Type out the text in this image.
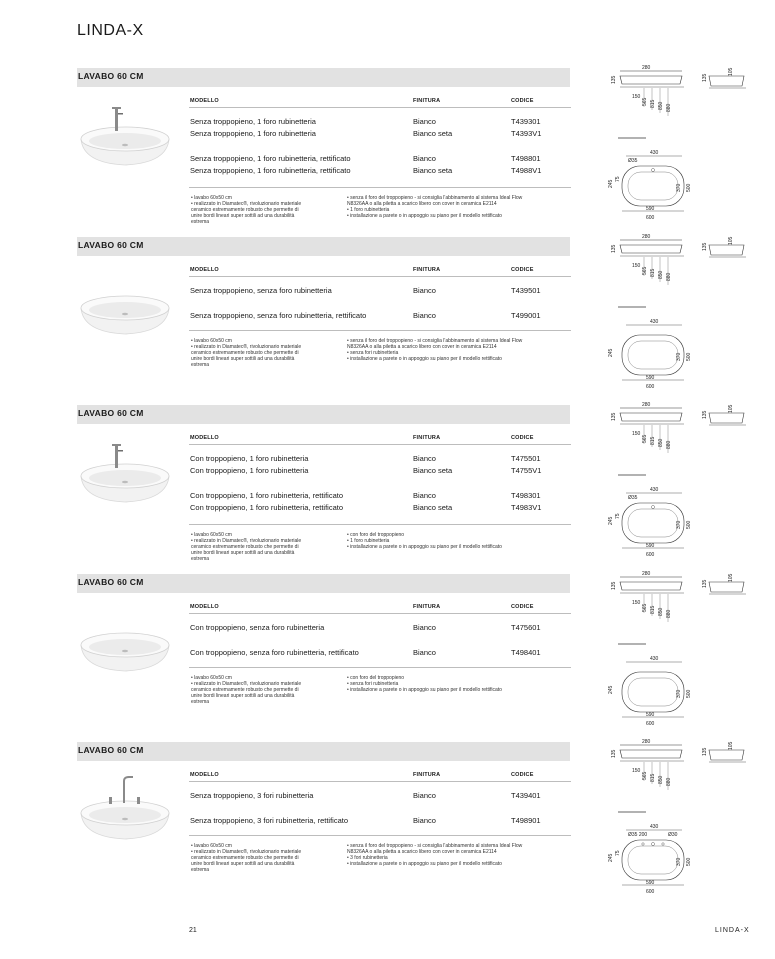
LINDA-X
LAVABO 60 CM
MODELLO	FINITURA	CODICE
Senza troppopieno, 1 foro rubinetteria	Bianco	T439301
Senza troppopieno, 1 foro rubinetteria	Bianco seta	T4393V1
Senza troppopieno, 1 foro rubinetteria, rettificato	Bianco	T498801
Senza troppopieno, 1 foro rubinetteria, rettificato	Bianco seta	T4988V1
• lavabo 60x50 cm
• realizzato in Diamatec®, rivoluzionario materiale
ceramico estremamente robusto che permette di
unire bordi lineari super sottili ad una durabilità
estrema
• senza il foro del troppopieno - si consiglia l'abbinamento al sistema Ideal Flow
N8326AA o alla piletta a scarico libero con cover in ceramica E2114
• 1 foro rubinetteria
• installazione a parete o in appoggio su piano per il modello rettificato
280
135
150
565 815 850 880
135
105
430
Ø35
245
75
370 500
590
600
LAVABO 60 CM
MODELLO	FINITURA	CODICE
Senza troppopieno, senza foro rubinetteria	Bianco	T439501
Senza troppopieno, senza foro rubinetteria, rettificato	Bianco	T499001
• lavabo 60x50 cm
• realizzato in Diamatec®, rivoluzionario materiale
ceramico estremamente robusto che permette di
unire bordi lineari super sottili ad una durabilità
estrema
• senza il foro del troppopieno - si consiglia l'abbinamento al sistema Ideal Flow
N8326AA o alla piletta a scarico libero con cover in ceramica E2114
• senza fori rubinetteria
• installazione a parete o in appoggio su piano per il modello rettificato
280
135
150
565 815 850 880
135
105
430
245	370 500
590
600
LAVABO 60 CM
MODELLO	FINITURA	CODICE
Con troppopieno, 1 foro rubinetteria	Bianco	T475501
Con troppopieno, 1 foro rubinetteria	Bianco seta	T4755V1
Con troppopieno, 1 foro rubinetteria, rettificato	Bianco	T498301
Con troppopieno, 1 foro rubinetteria, rettificato	Bianco seta	T4983V1
• lavabo 60x50 cm
• realizzato in Diamatec®, rivoluzionario materiale
ceramico estremamente robusto che permette di
unire bordi lineari super sottili ad una durabilità
estrema
• con foro del troppopieno
• 1 foro rubinetteria
• installazione a parete o in appoggio su piano per il modello rettificato
280
135
150
565 815 850 880
135
105
430
Ø35
245
75
370 500
590
600
LAVABO 60 CM
MODELLO	FINITURA	CODICE
Con troppopieno, senza foro rubinetteria	Bianco	T475601
Con troppopieno, senza foro rubinetteria, rettificato	Bianco	T498401
• lavabo 60x50 cm
• realizzato in Diamatec®, rivoluzionario materiale
ceramico estremamente robusto che permette di
unire bordi lineari super sottili ad una durabilità
estrema
• con foro del troppopieno
• senza fori rubinetteria
• installazione a parete o in appoggio su piano per il modello rettificato
280
135
150
565 815 850 880
135
105
430
245	370 500
590
600
LAVABO 60 CM
MODELLO	FINITURA	CODICE
Senza troppopieno, 3 fori rubinetteria	Bianco	T439401
Senza troppopieno, 3 fori rubinetteria, rettificato	Bianco	T498901
• lavabo 60x50 cm
• realizzato in Diamatec®, rivoluzionario materiale
ceramico estremamente robusto che permette di
unire bordi lineari super sottili ad una durabilità
estrema
• senza il foro del troppopieno - si consiglia l'abbinamento al sistema Ideal Flow
N8326AA o alla piletta a scarico libero con cover in ceramica E2114
• 3 fori rubinetteria
• installazione a parete o in appoggio su piano per il modello rettificato
280
135
150
565 815 850 880
135
105
430
Ø35 200	Ø30
245
75
370 500
590
600
21	LINDA-X
